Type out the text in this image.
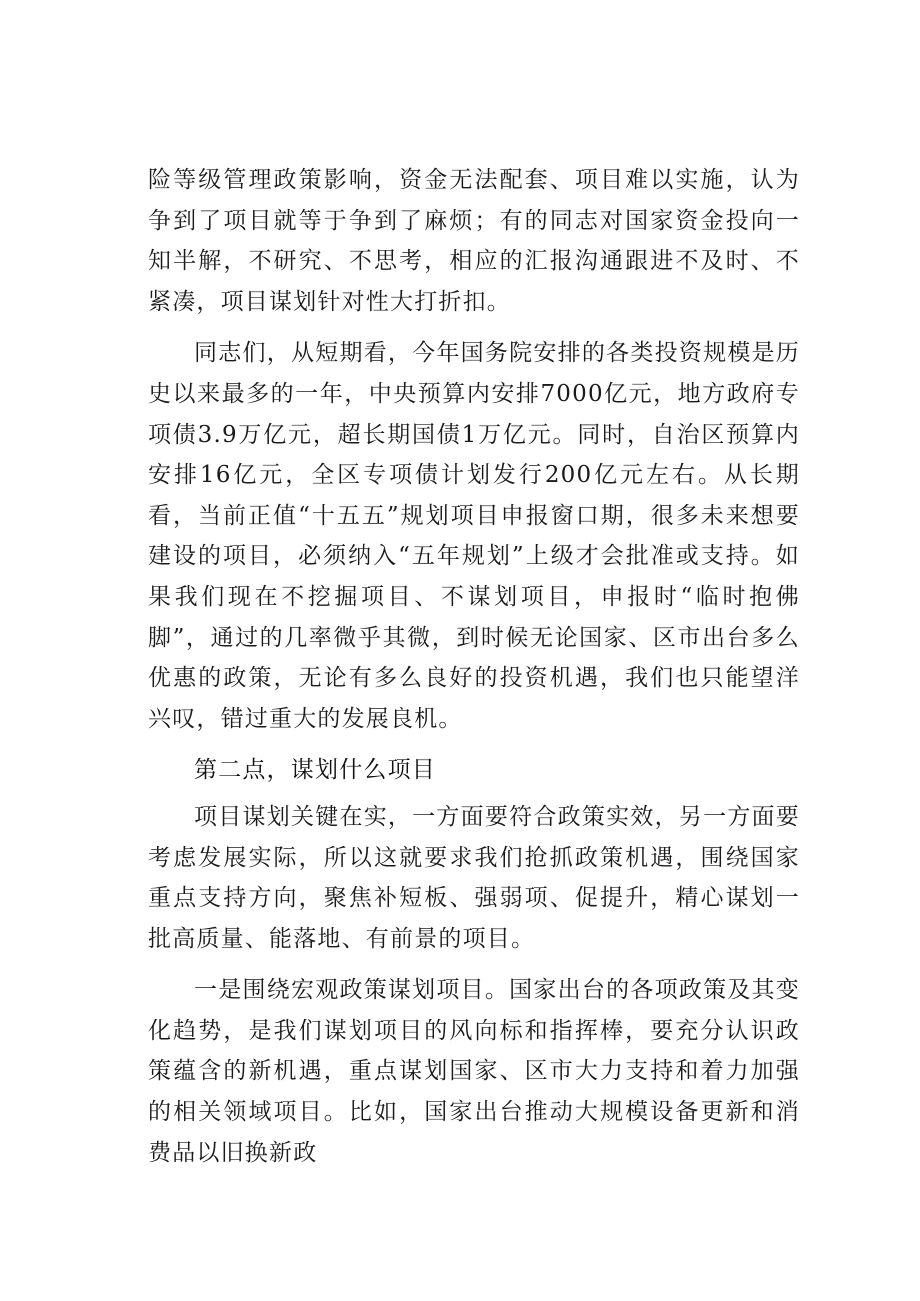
险等级管理政策影响，资金无法配套、项目难以实施，认为争到了项目就等于争到了麻烦；有的同志对国家资金投向一知半解，不研究、不思考，相应的汇报沟通跟进不及时、不紧凑，项目谋划针对性大打折扣。

同志们，从短期看，今年国务院安排的各类投资规模是历史以来最多的一年，中央预算内安排7000亿元，地方政府专项债3.9万亿元，超长期国债1万亿元。同时，自治区预算内安排16亿元，全区专项债计划发行200亿元左右。从长期看，当前正值“十五五”规划项目申报窗口期，很多未来想要建设的项目，必须纳入“五年规划”上级才会批准或支持。如果我们现在不挖掘项目、不谋划项目，申报时“临时抱佛脚”，通过的几率微乎其微，到时候无论国家、区市出台多么优惠的政策，无论有多么良好的投资机遇，我们也只能望洋兴叹，错过重大的发展良机。

第二点，谋划什么项目

项目谋划关键在实，一方面要符合政策实效，另一方面要考虑发展实际，所以这就要求我们抢抓政策机遇，围绕国家重点支持方向，聚焦补短板、强弱项、促提升，精心谋划一批高质量、能落地、有前景的项目。

一是围绕宏观政策谋划项目。国家出台的各项政策及其变化趋势，是我们谋划项目的风向标和指挥棒，要充分认识政策蕴含的新机遇，重点谋划国家、区市大力支持和着力加强的相关领域项目。比如，国家出台推动大规模设备更新和消费品以旧换新政
